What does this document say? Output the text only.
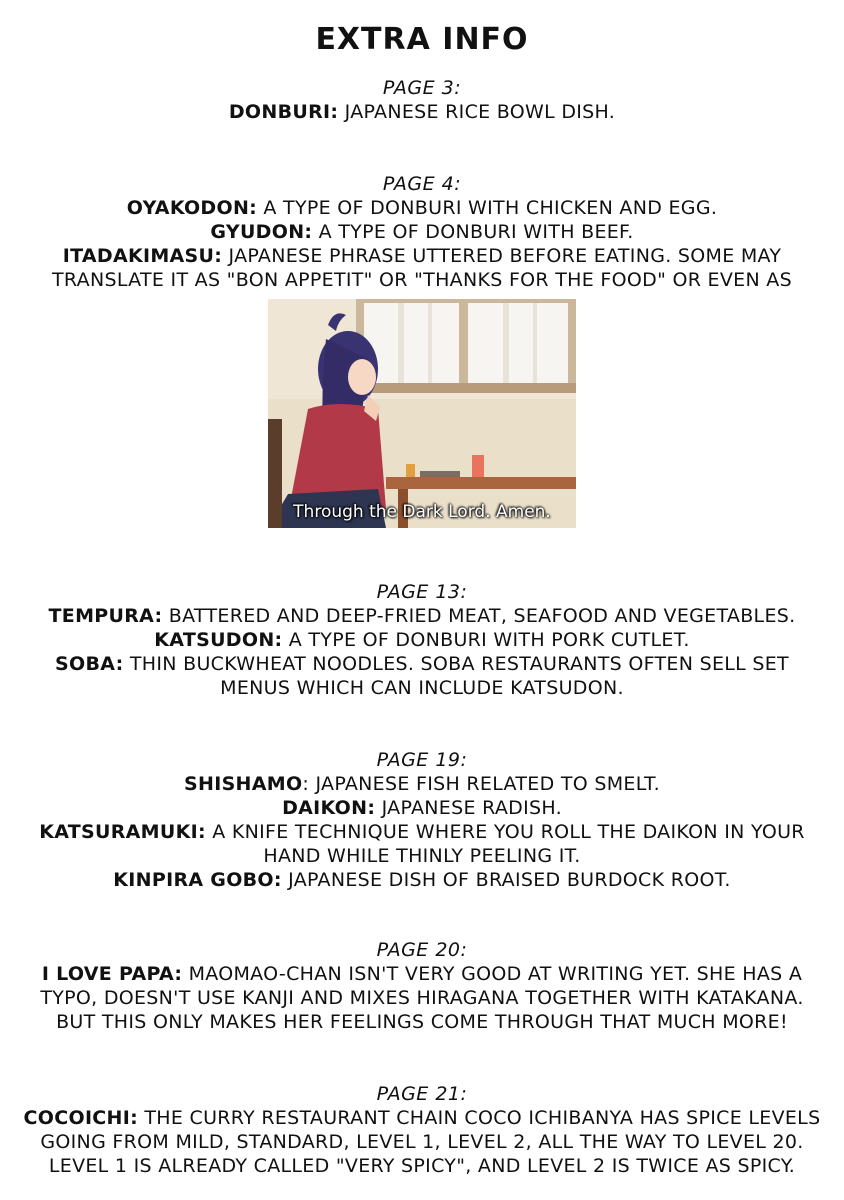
EXTRA INFO
PAGE 3:
DONBURI: JAPANESE RICE BOWL DISH.
PAGE 4:
OYAKODON: A TYPE OF DONBURI WITH CHICKEN AND EGG.
GYUDON: A TYPE OF DONBURI WITH BEEF.
ITADAKIMASU: JAPANESE PHRASE UTTERED BEFORE EATING. SOME MAY
TRANSLATE IT AS "BON APPETIT" OR "THANKS FOR THE FOOD" OR EVEN AS
Through the Dark Lord. Amen.
PAGE 13:
TEMPURA: BATTERED AND DEEP-FRIED MEAT, SEAFOOD AND VEGETABLES.
KATSUDON: A TYPE OF DONBURI WITH PORK CUTLET.
SOBA: THIN BUCKWHEAT NOODLES. SOBA RESTAURANTS OFTEN SELL SET
MENUS WHICH CAN INCLUDE KATSUDON.
PAGE 19:
SHISHAMO: JAPANESE FISH RELATED TO SMELT.
DAIKON: JAPANESE RADISH.
KATSURAMUKI: A KNIFE TECHNIQUE WHERE YOU ROLL THE DAIKON IN YOUR
HAND WHILE THINLY PEELING IT.
KINPIRA GOBO: JAPANESE DISH OF BRAISED BURDOCK ROOT.
PAGE 20:
I LOVE PAPA: MAOMAO-CHAN ISN'T VERY GOOD AT WRITING YET. SHE HAS A
TYPO, DOESN'T USE KANJI AND MIXES HIRAGANA TOGETHER WITH KATAKANA.
BUT THIS ONLY MAKES HER FEELINGS COME THROUGH THAT MUCH MORE!
PAGE 21:
COCOICHI: THE CURRY RESTAURANT CHAIN COCO ICHIBANYA HAS SPICE LEVELS
GOING FROM MILD, STANDARD, LEVEL 1, LEVEL 2, ALL THE WAY TO LEVEL 20.
LEVEL 1 IS ALREADY CALLED "VERY SPICY", AND LEVEL 2 IS TWICE AS SPICY.
